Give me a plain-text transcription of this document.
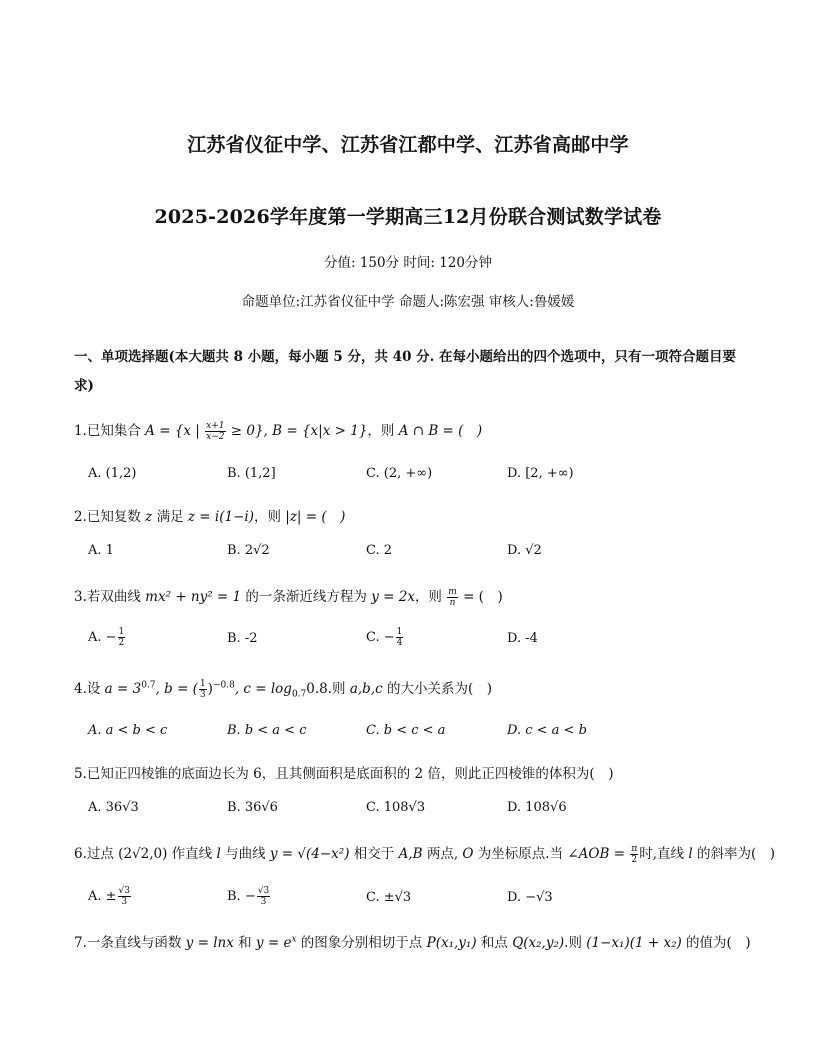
江苏省仪征中学、江苏省江都中学、江苏省高邮中学
2025-2026学年度第一学期高三12月份联合测试数学试卷
分值: 150分 时间: 120分钟
命题单位:江苏省仪征中学 命题人:陈宏强 审核人:鲁媛媛
一、单项选择题(本大题共 8 小题，每小题 5 分，共 40 分. 在每小题给出的四个选项中，只有一项符合题目要求)
1.已知集合 A = {x | $\frac{x+1}{x-2} \ge 0$}, B = {x|x > 1}，则 A ∩ B = (　)
A. (1,2)	B. (1,2]	C. (2, +∞)	D. [2, +∞)
2.已知复数 z 满足 z = i(1−i)，则 |z| = (　)
A. 1	B. 2√2	C. 2	D. √2
3.若双曲线 mx² + ny² = 1 的一条渐近线方程为 y = 2x，则 $\frac{m}{n}$ = (　)
A. − $\frac{1}{2}$	B. -2	C. − $\frac{1}{4}$	D. -4
4.设 $a = 3^{0.7}$, b = ( $\frac{1}{3} )^{-0.8}$, $c = \log_{0.7}0.8$.则 a,b,c 的大小关系为(　)
A. a < b < c	B. b < a < c	C. b < c < a	D. c < a < b
5.已知正四棱锥的底面边长为 6，且其侧面积是底面积的 2 倍，则此正四棱锥的体积为(　)
A. 36√3	B. 36√6	C. 108√3	D. 108√6
6.过点 (2√2,0) 作直线 l 与曲线 y = √(4−x²) 相交于 A,B 两点, O 为坐标原点.当 ∠AOB = $\frac{\pi}{2}$ 时,直线 l 的斜率为(　)
A. ± $\frac{√3}{3}$	B. − $\frac{√3}{3}$	C. ±√3	D. −√3
7.一条直线与函数 y = lnx 和 $y = e^x$ 的图象分别相切于点 P(x₁,y₁) 和点 Q(x₂,y₂).则 (1−x₁)(1 + x₂) 的值为(　)
